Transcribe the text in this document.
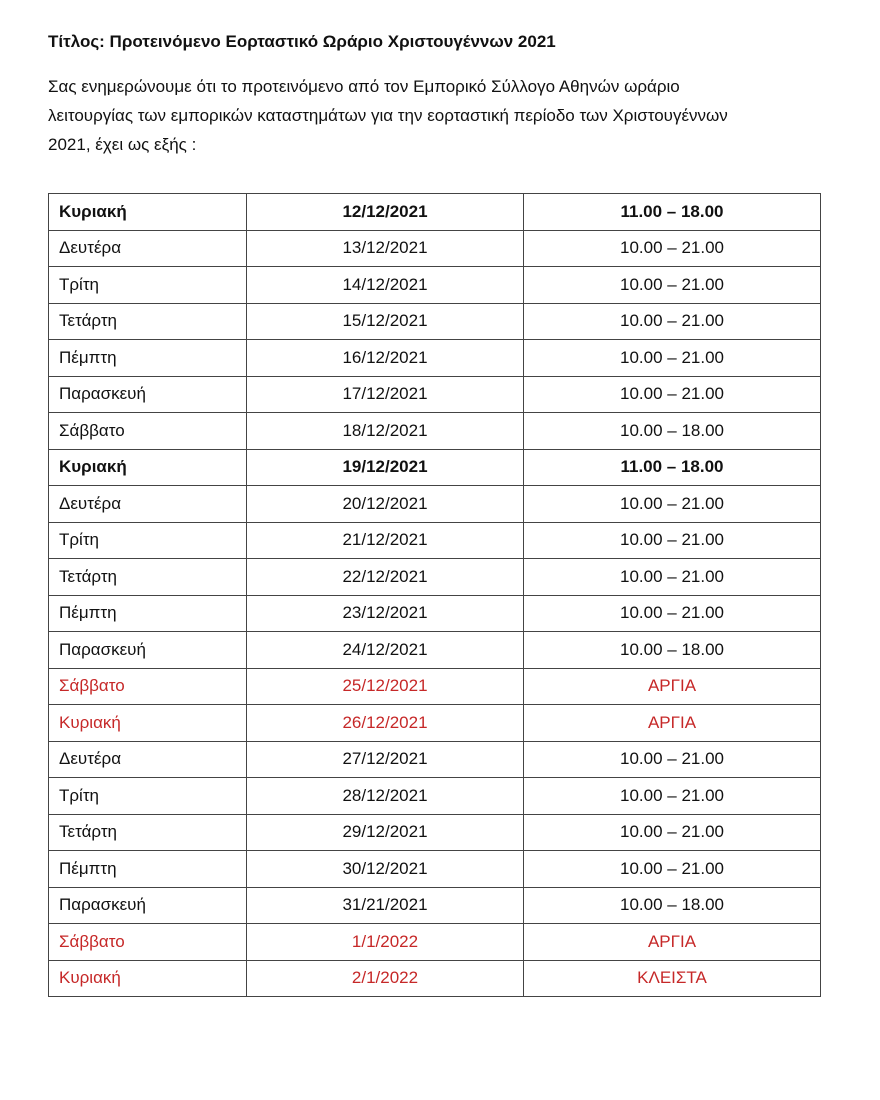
Τίτλος: Προτεινόμενο Εορταστικό Ωράριο Χριστουγέννων 2021
Σας ενημερώνουμε ότι το προτεινόμενο από τον Εμπορικό Σύλλογο Αθηνών ωράριο
λειτουργίας των εμπορικών καταστημάτων για την εορταστική περίοδο των Χριστουγέννων
2021, έχει ως εξής :
Κυριακή	12/12/2021	11.00 – 18.00
Δευτέρα	13/12/2021	10.00 – 21.00
Τρίτη	14/12/2021	10.00 – 21.00
Τετάρτη	15/12/2021	10.00 – 21.00
Πέμπτη	16/12/2021	10.00 – 21.00
Παρασκευή	17/12/2021	10.00 – 21.00
Σάββατο	18/12/2021	10.00 – 18.00
Κυριακή	19/12/2021	11.00 – 18.00
Δευτέρα	20/12/2021	10.00 – 21.00
Τρίτη	21/12/2021	10.00 – 21.00
Τετάρτη	22/12/2021	10.00 – 21.00
Πέμπτη	23/12/2021	10.00 – 21.00
Παρασκευή	24/12/2021	10.00 – 18.00
Σάββατο	25/12/2021	ΑΡΓΙΑ
Κυριακή	26/12/2021	ΑΡΓΙΑ
Δευτέρα	27/12/2021	10.00 – 21.00
Τρίτη	28/12/2021	10.00 – 21.00
Τετάρτη	29/12/2021	10.00 – 21.00
Πέμπτη	30/12/2021	10.00 – 21.00
Παρασκευή	31/21/2021	10.00 – 18.00
Σάββατο	1/1/2022	ΑΡΓΙΑ
Κυριακή	2/1/2022	ΚΛΕΙΣΤΑ
